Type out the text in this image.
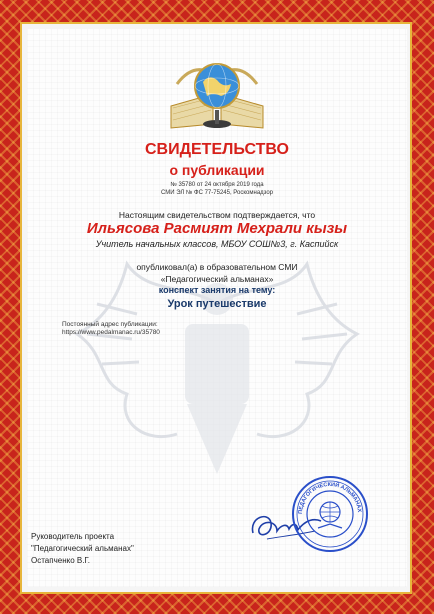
СВИДЕТЕЛЬСТВО
о публикации
№ 35780 от 24 октября 2019 года
СМИ ЭЛ № ФС 77-75245, Роскомнадзор
Настоящим свидетельством подтверждается, что
Ильясова Расмият Мехрали кызы
Учитель начальных классов, МБОУ СОШ№3, г. Каспийск
опубликовал(а) в образовательном СМИ
«Педагогический альманах»
конспект занятия на тему:
Урок путешествие
Постоянный адрес публикации:
https://www.pedalmanac.ru/35780
Руководитель проекта
"Педагогический альманах"
Остапченко В.Г.
ПЕДАГОГИЧЕСКИЙ АЛЬМАНАХ
